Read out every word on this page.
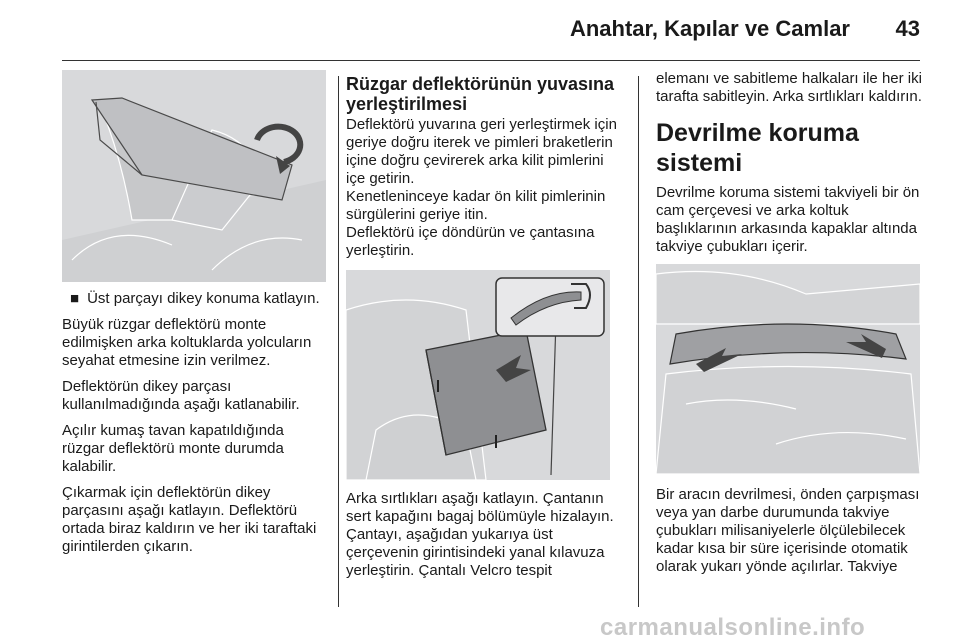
Anahtar, Kapılar ve Camlar 43
■ Üst parçayı dikey konuma katlayın.

Büyük rüzgar deflektörü monte edilmişken arka koltuklarda yolcuların seyahat etmesine izin verilmez.

Deflektörün dikey parçası kullanılmadığında aşağı katlanabilir.

Açılır kumaş tavan kapatıldığında rüzgar deflektörü monte durumda kalabilir.

Çıkarmak için deflektörün dikey parçasını aşağı katlayın. Deflektörü ortada biraz kaldırın ve her iki taraftaki girintilerden çıkarın.

Rüzgar deflektörünün yuvasına yerleştirilmesi

Deflektörü yuvarına geri yerleştirmek için geriye doğru iterek ve pimleri braketlerin içine doğru çevirerek arka kilit pimlerini içe getirin.

Kenetleninceye kadar ön kilit pimlerinin sürgülerini geriye itin.

Deflektörü içe döndürün ve çantasına yerleştirin.

Arka sırtlıkları aşağı katlayın. Çantanın sert kapağını bagaj bölümüyle hizalayın. Çantayı, aşağıdan yukarıya üst çerçevenin girintisindeki yanal kılavuza yerleştirin. Çantalı Velcro tespit

elemanı ve sabitleme halkaları ile her iki tarafta sabitleyin. Arka sırtlıkları kaldırın.

Devrilme koruma sistemi

Devrilme koruma sistemi takviyeli bir ön cam çerçevesi ve arka koltuk başlıklarının arkasında kapaklar altında takviye çubukları içerir.

Bir aracın devrilmesi, önden çarpışması veya yan darbe durumunda takviye çubukları milisaniyelerle ölçülebilecek kadar kısa bir süre içerisinde otomatik olarak yukarı yönde açılırlar. Takviye

carmanualsonline.info
